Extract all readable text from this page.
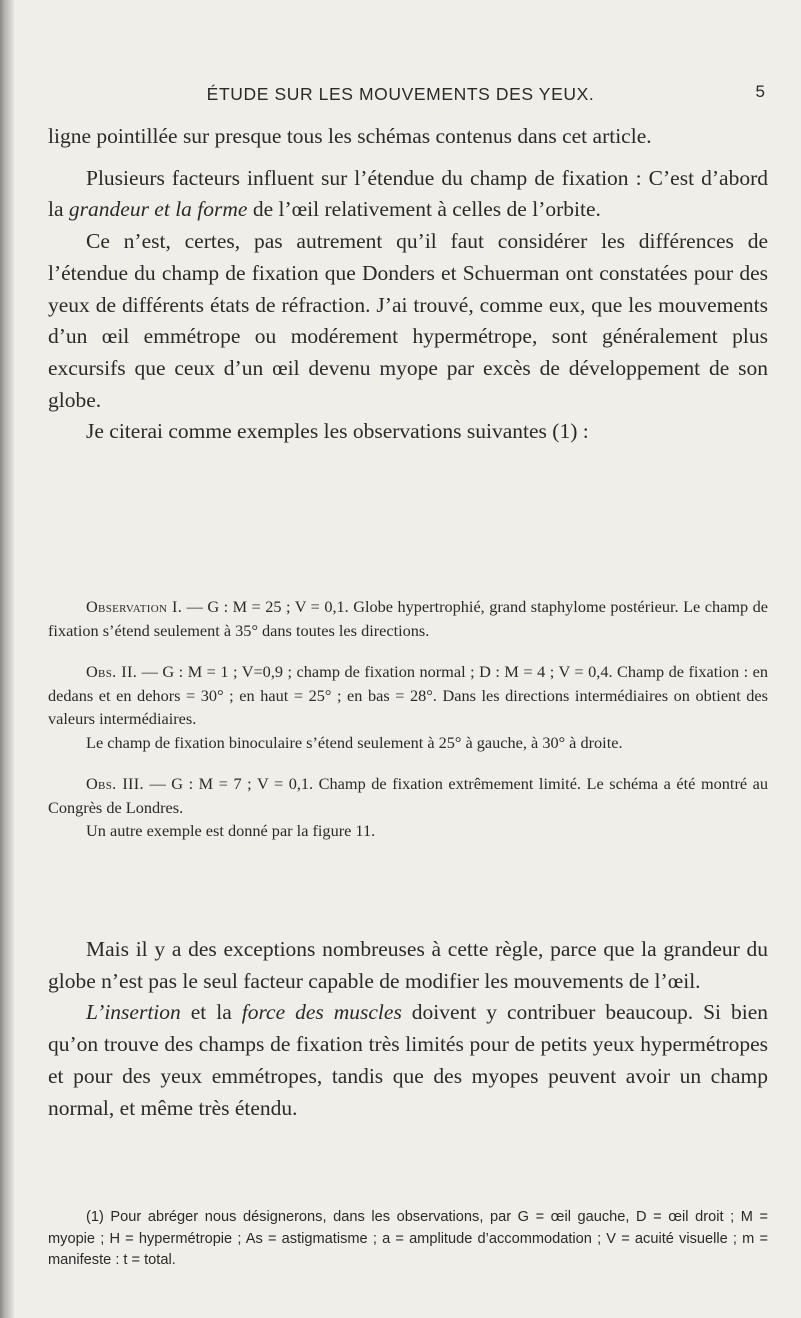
ÉTUDE SUR LES MOUVEMENTS DES YEUX.	5

ligne pointillée sur presque tous les schémas contenus dans cet article.

Plusieurs facteurs influent sur l’étendue du champ de fixation : C’est d’abord la grandeur et la forme de l’œil relativement à celles de l’orbite.

Ce n’est, certes, pas autrement qu’il faut considérer les différences de l’étendue du champ de fixation que Donders et Schuerman ont constatées pour des yeux de différents états de réfraction. J’ai trouvé, comme eux, que les mouvements d’un œil emmétrope ou modérement hypermétrope, sont généralement plus excursifs que ceux d’un œil devenu myope par excès de développement de son globe.

Je citerai comme exemples les observations suivantes (1) :

Observation I. — G : M = 25 ; V = 0,1. Globe hypertrophié, grand staphylome postérieur. Le champ de fixation s’étend seulement à 35° dans toutes les directions.

Obs. II. — G : M = 1 ; V=0,9 ; champ de fixation normal ; D : M = 4 ; V = 0,4. Champ de fixation : en dedans et en dehors = 30° ; en haut = 25° ; en bas = 28°. Dans les directions intermédiaires on obtient des valeurs intermédiaires.

Le champ de fixation binoculaire s’étend seulement à 25° à gauche, à 30° à droite.

Obs. III. — G : M = 7 ; V = 0,1. Champ de fixation extrêmement limité. Le schéma a été montré au Congrès de Londres.

Un autre exemple est donné par la figure 11.

Mais il y a des exceptions nombreuses à cette règle, parce que la grandeur du globe n’est pas le seul facteur capable de modifier les mouvements de l’œil.

L’insertion et la force des muscles doivent y contribuer beaucoup. Si bien qu’on trouve des champs de fixation très limités pour de petits yeux hypermétropes et pour des yeux emmétropes, tandis que des myopes peuvent avoir un champ normal, et même très étendu.

(1) Pour abréger nous désignerons, dans les observations, par G = œil gauche, D = œil droit ; M = myopie ; H = hypermétropie ; As = astigmatisme ; a = amplitude d’accommodation ; V = acuité visuelle ; m = manifeste : t = total.
